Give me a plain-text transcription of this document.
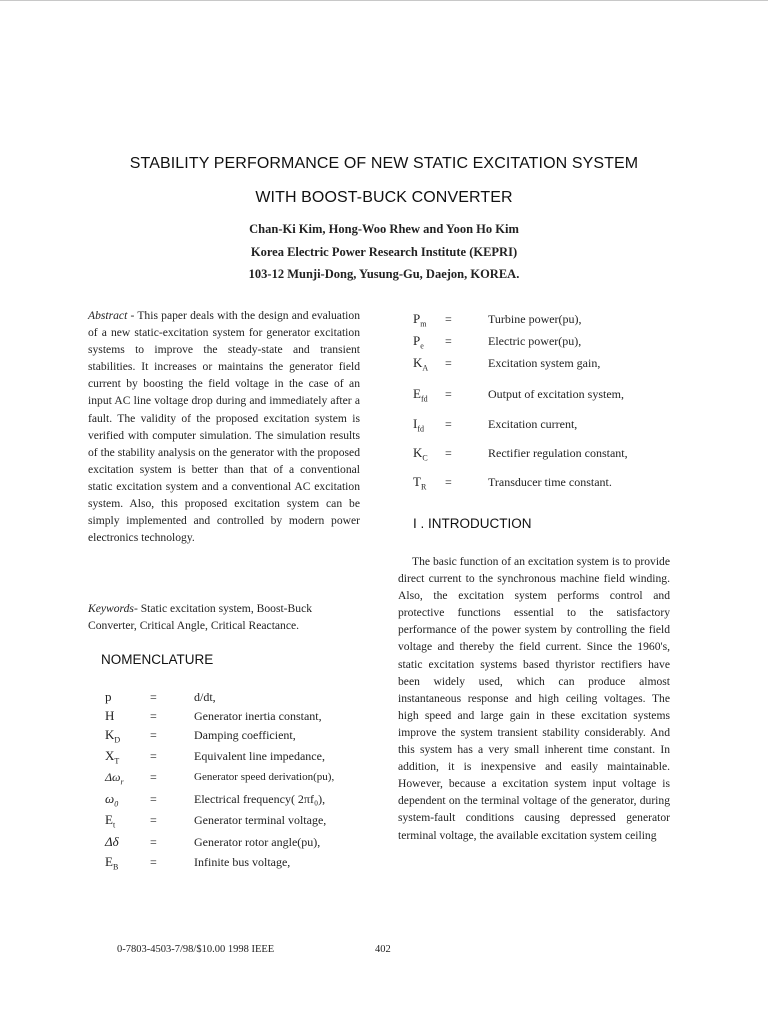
STABILITY PERFORMANCE OF NEW STATIC EXCITATION SYSTEM
WITH BOOST-BUCK CONVERTER
Chan-Ki Kim, Hong-Woo Rhew and Yoon Ho Kim
Korea Electric Power Research Institute (KEPRI)
103-12 Munji-Dong, Yusung-Gu, Daejon, KOREA.
Abstract - This paper deals with the design and evaluation of a new static-excitation system for generator excitation systems to improve the steady-state and transient stabilities. It increases or maintains the generator field current by boosting the field voltage in the case of an input AC line voltage drop during and immediately after a fault. The validity of the proposed excitation system is verified with computer simulation. The simulation results of the stability analysis on the generator with the proposed excitation system is better than that of a conventional static excitation system and a conventional AC excitation system. Also, this proposed excitation system can be simply implemented and controlled by modern power electronics technology.
Keywords- Static excitation system, Boost-Buck Converter, Critical Angle, Critical Reactance.
NOMENCLATURE
p	=	d/dt,
H	=	Generator inertia constant,
$K_D$ =	Damping coefficient,
$X_T$	=	Equivalent line impedance,
$\Delta\omega_r$ =	Generator speed derivation(pu),
$\omega_0$	=	Electrical frequency( 2πf₀),
$E_t$	=	Generator terminal voltage,
Δδ	=	Generator rotor angle(pu),
$E_B$	=	Infinite bus voltage,
$P_m$ =	Turbine power(pu),
$P_e$ =	Electric power(pu),
$K_A$ =	Excitation system gain,
$E_{fd}$ =	Output of excitation system,
$I_{fd}$ =	Excitation current,
$K_C$ =	Rectifier regulation constant,
$T_R$ =	Transducer time constant.
I . INTRODUCTION

The basic function of an excitation system is to provide direct current to the synchronous machine field winding. Also, the excitation system performs control and protective functions essential to the satisfactory performance of the power system by controlling the field voltage and thereby the field current. Since the 1960's, static excitation systems based thyristor rectifiers have been widely used, which can produce almost instantaneous response and high ceiling voltages. The high speed and large gain in these excitation systems improve the system transient stability considerably. And this system has a very small inherent time constant. In addition, it is inexpensive and easily maintainable. However, because a excitation system input voltage is dependent on the terminal voltage of the generator, during system-fault conditions causing depressed generator terminal voltage, the available excitation system ceiling

0-7803-4503-7/98/$10.00 1998 IEEE	402
